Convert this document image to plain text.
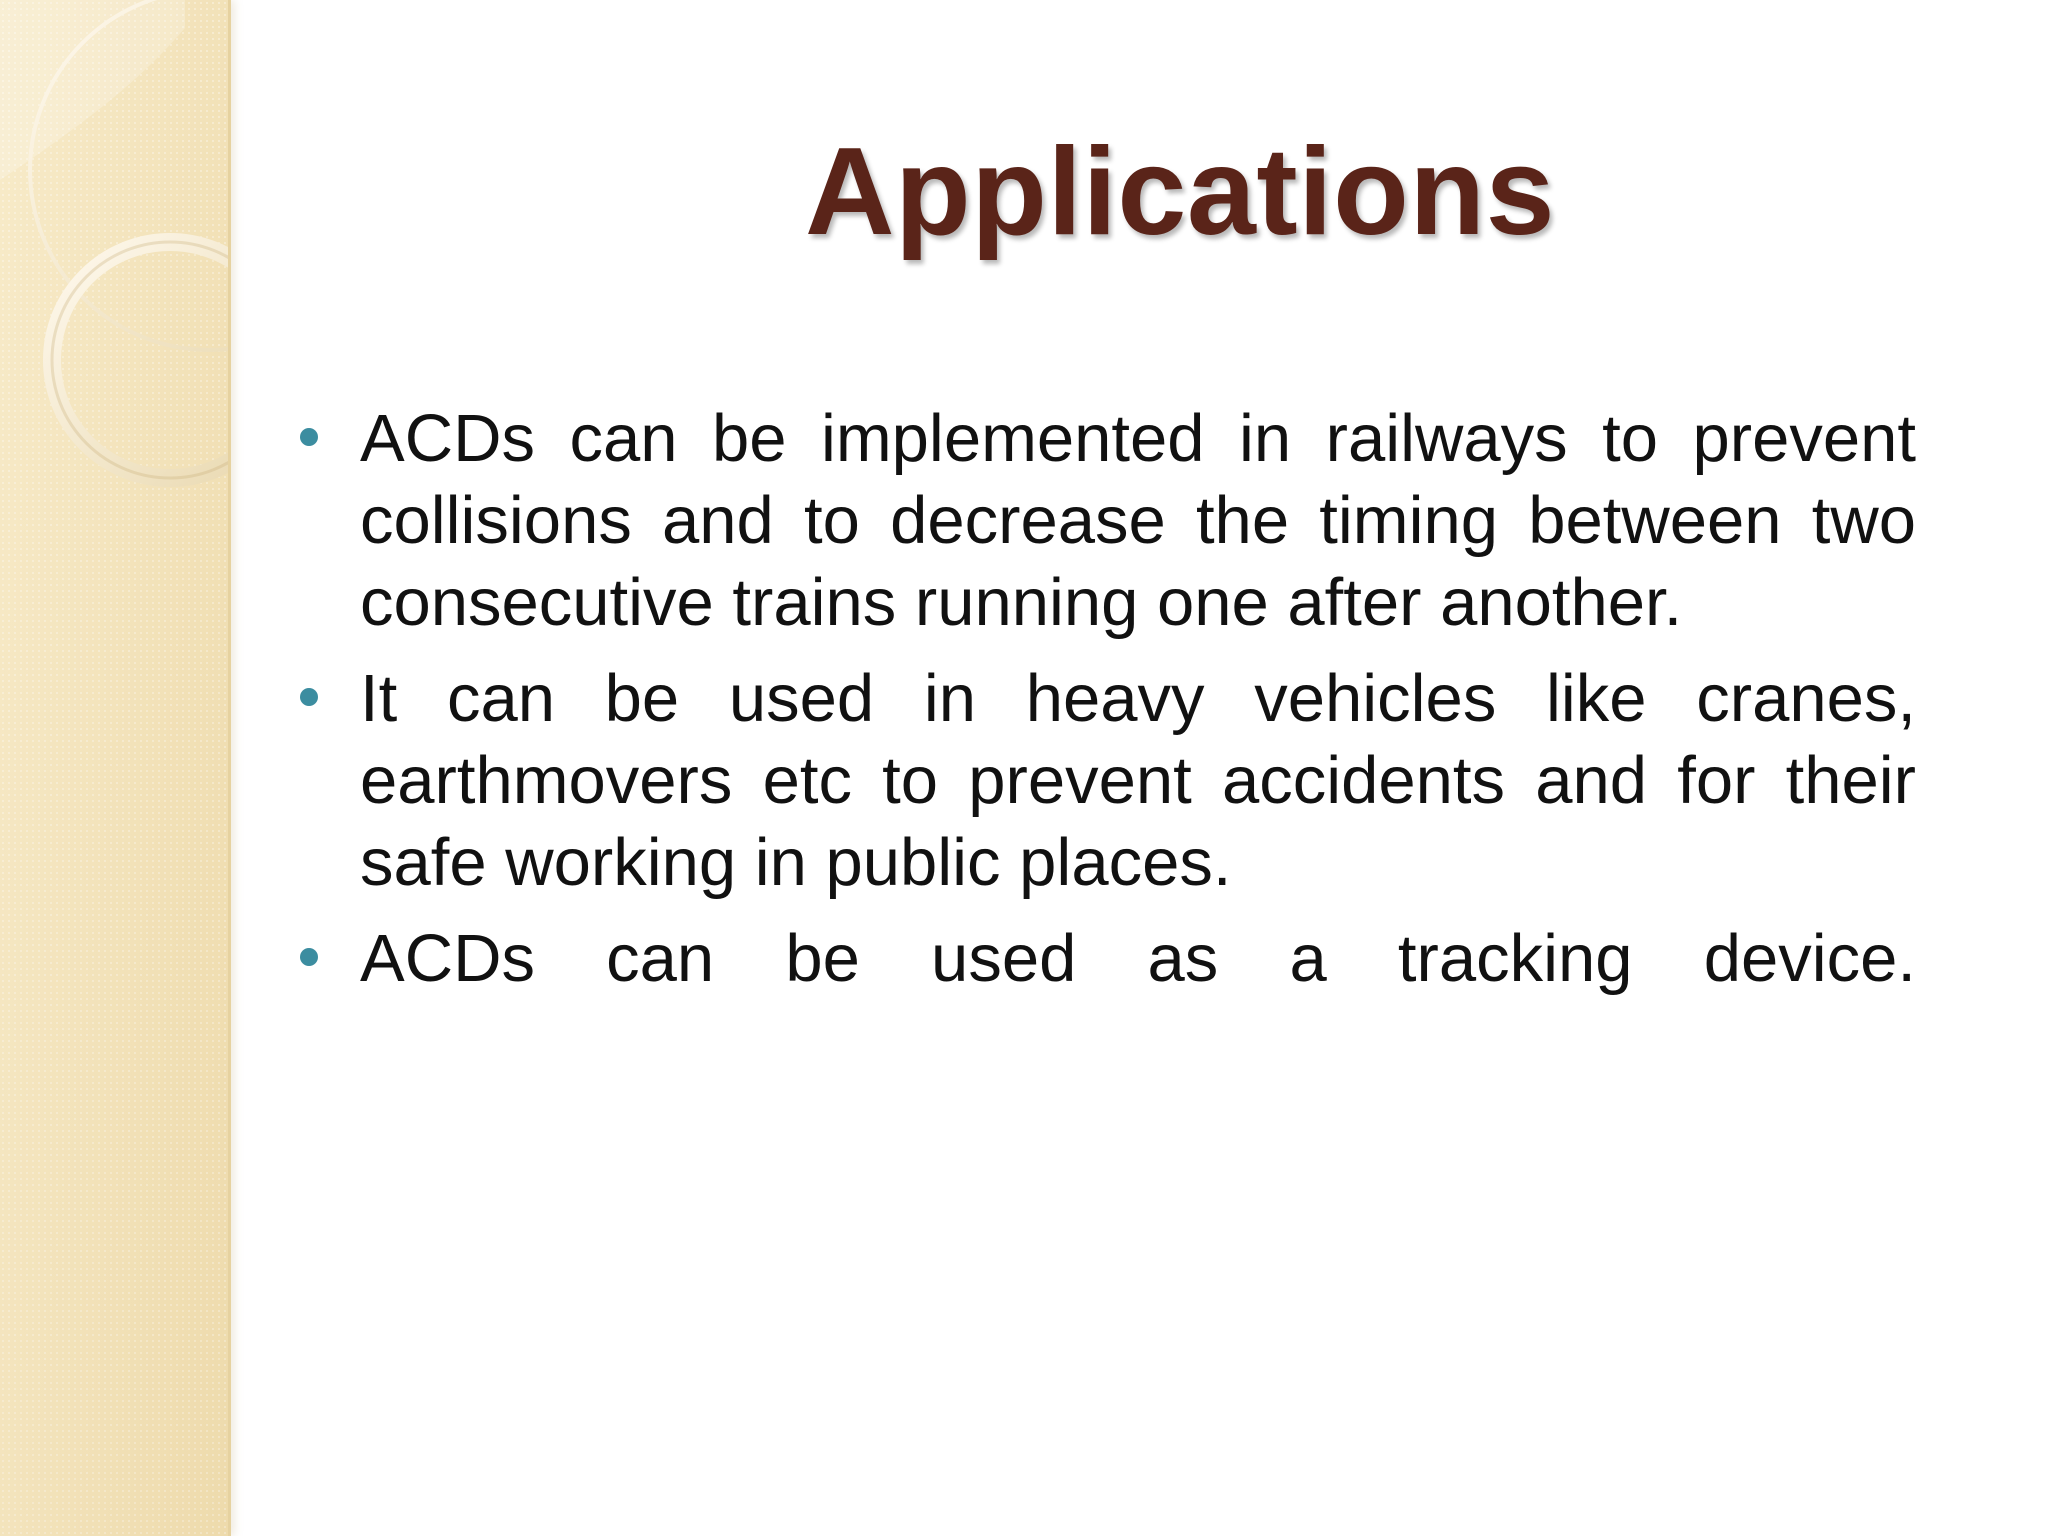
Applications
ACDs can be implemented in railways to prevent collisions and to decrease the timing between two consecutive trains running one after another.
It can be used in heavy vehicles like cranes, earthmovers etc to prevent accidents and for their safe working in public places.
ACDs can be used as a tracking device.
